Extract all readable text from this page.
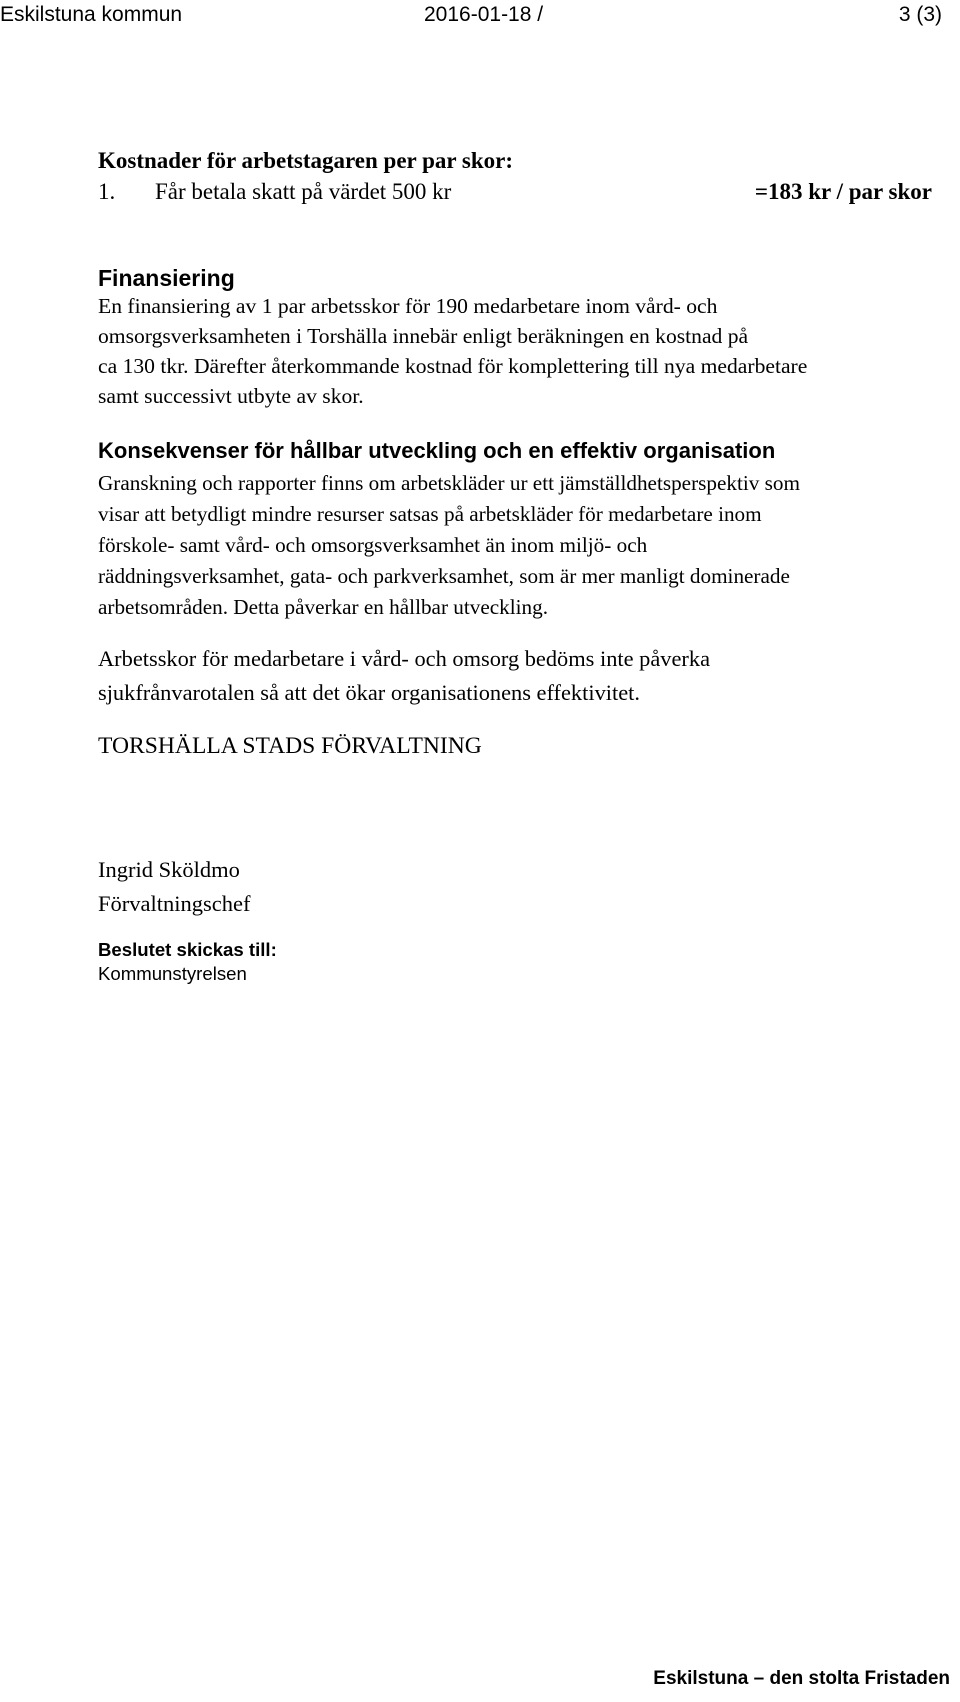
Eskilstuna kommun	2016-01-18 /	3 (3)
Kostnader för arbetstagaren per par skor:
1. Får betala skatt på värdet 500 kr	=183 kr / par skor
Finansiering
En finansiering av 1 par arbetsskor för 190 medarbetare inom vård- och
omsorgsverksamheten i Torshälla innebär enligt beräkningen en kostnad på
ca 130 tkr. Därefter återkommande kostnad för komplettering till nya medarbetare
samt successivt utbyte av skor.
Konsekvenser för hållbar utveckling och en effektiv organisation
Granskning och rapporter finns om arbetskläder ur ett jämställdhetsperspektiv som
visar att betydligt mindre resurser satsas på arbetskläder för medarbetare inom
förskole- samt vård- och omsorgsverksamhet än inom miljö- och
räddningsverksamhet, gata- och parkverksamhet, som är mer manligt dominerade
arbetsområden. Detta påverkar en hållbar utveckling.
Arbetsskor för medarbetare i vård- och omsorg bedöms inte påverka
sjukfrånvarotalen så att det ökar organisationens effektivitet.
TORSHÄLLA STADS FÖRVALTNING
Ingrid Sköldmo
Förvaltningschef
Beslutet skickas till:
Kommunstyrelsen
Eskilstuna – den stolta Fristaden
